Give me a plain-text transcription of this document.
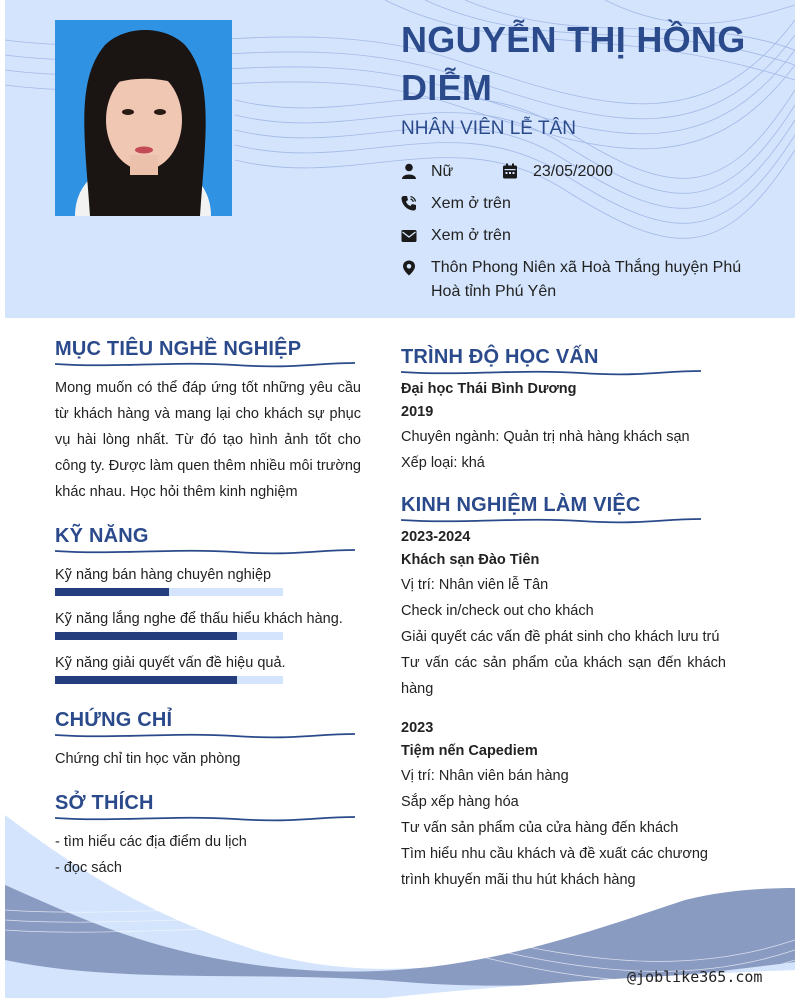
NGUYỄN THỊ HỒNG DIỄM
NHÂN VIÊN LỄ TÂN
Nữ	23/05/2000
Xem ở trên
Xem ở trên
Thôn Phong Niên xã Hoà Thắng huyện Phú Hoà tỉnh Phú Yên
MỤC TIÊU NGHỀ NGHIỆP
Mong muốn có thể đáp ứng tốt những yêu cầu từ khách hàng và mang lại cho khách sự phục vụ hài lòng nhất. Từ đó tạo hình ảnh tốt cho công ty. Được làm quen thêm nhiều môi trường khác nhau. Học hỏi thêm kinh nghiệm
KỸ NĂNG
Kỹ năng bán hàng chuyên nghiệp
Kỹ năng lắng nghe để thấu hiểu khách hàng.
Kỹ năng giải quyết vấn đề hiệu quả.
CHỨNG CHỈ
Chứng chỉ tin học văn phòng
SỞ THÍCH
- tìm hiểu các địa điểm du lịch
- đọc sách
TRÌNH ĐỘ HỌC VẤN
Đại học Thái Bình Dương
2019
Chuyên ngành: Quản trị nhà hàng khách sạn
Xếp loại: khá
KINH NGHIỆM LÀM VIỆC
2023-2024
Khách sạn Đào Tiên
Vị trí: Nhân viên lễ Tân
Check in/check out cho khách
Giải quyết các vấn đề phát sinh cho khách lưu trú
Tư vấn các sản phẩm của khách sạn đến khách hàng
2023
Tiệm nến Capediem
Vị trí: Nhân viên bán hàng
Sắp xếp hàng hóa
Tư vấn sản phẩm của cửa hàng đến khách
Tìm hiểu nhu cầu khách và đề xuất các chương trình khuyến mãi thu hút khách hàng
@joblike365.com
